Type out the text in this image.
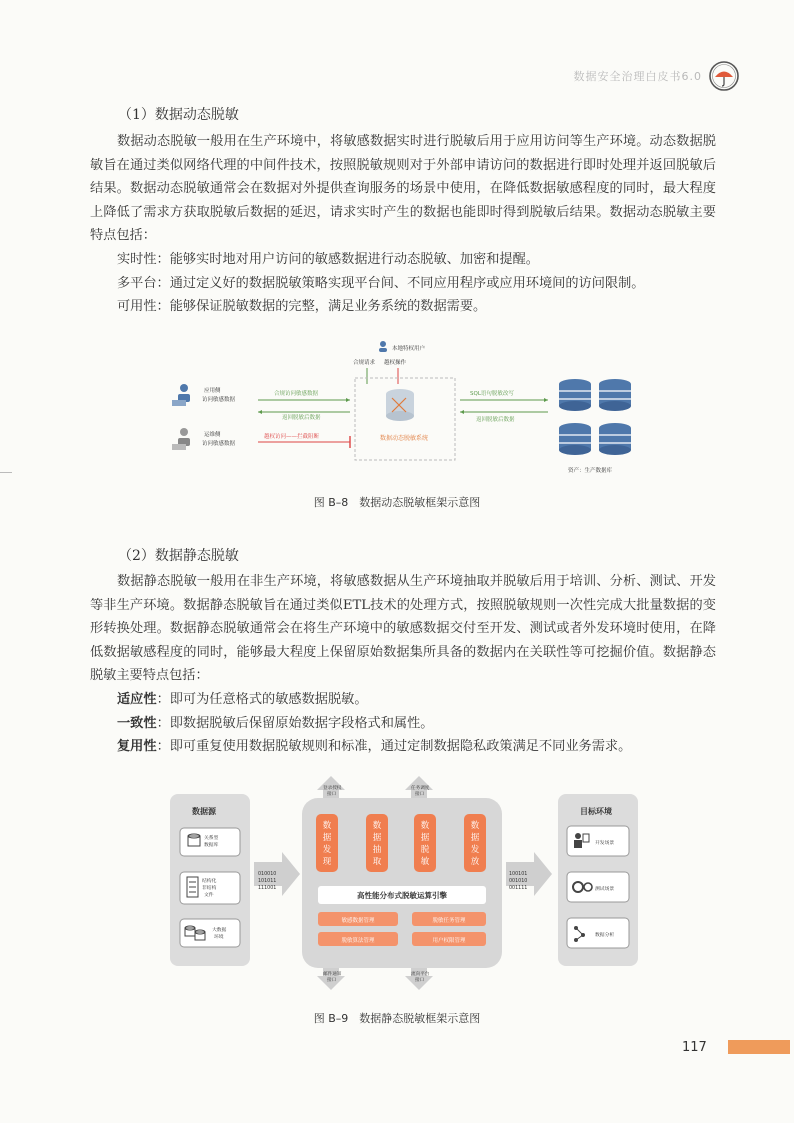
数据安全治理白皮书6.0
（1）数据动态脱敏

数据动态脱敏一般用在生产环境中，将敏感数据实时进行脱敏后用于应用访问等生产环境。动态数据脱敏旨在通过类似网络代理的中间件技术，按照脱敏规则对于外部申请访问的数据进行即时处理并返回脱敏后结果。数据动态脱敏通常会在数据对外提供查询服务的场景中使用，在降低数据敏感程度的同时，最大程度上降低了需求方获取脱敏后数据的延迟，请求实时产生的数据也能即时得到脱敏后结果。数据动态脱敏主要特点包括：

实时性：能够实时地对用户访问的敏感数据进行动态脱敏、加密和提醒。

多平台：通过定义好的数据脱敏策略实现平台间、不同应用程序或应用环境间的访问限制。

可用性：能够保证脱敏数据的完整，满足业务系统的数据需要。

本地特权用户
合规请求 越权操作
数据动态脱敏系统
应用侧
访问敏感数据
运维侧
访问敏感数据
合规访问敏感数据
返回脱敏后数据
越权访问——拦截阻断
SQL语句脱敏改写
返回脱敏后数据
资产：生产数据库
图 B–8　数据动态脱敏框架示意图
（2）数据静态脱敏

数据静态脱敏一般用在非生产环境，将敏感数据从生产环境抽取并脱敏后用于培训、分析、测试、开发等非生产环境。数据静态脱敏旨在通过类似ETL技术的处理方式，按照脱敏规则一次性完成大批量数据的变形转换处理。数据静态脱敏通常会在将生产环境中的敏感数据交付至开发、测试或者外发环境时使用，在降低数据敏感程度的同时，能够最大程度上保留原始数据集所具备的数据内在关联性等可挖掘价值。数据静态脱敏主要特点包括：

适应性：即可为任意格式的敏感数据脱敏。

一致性：即数据脱敏后保留原始数据字段格式和属性。

复用性：即可重复使用数据脱敏规则和标准，通过定制数据隐私政策满足不同业务需求。

数据源
关系型
数据库
结构化
非结构
文件
大数据
环境
010010
101011
111001
登录授权
接口
任务调度
接口
数据发现
数据抽取
数据脱敏
数据发放
高性能分布式脱敏运算引擎
敏感数据管理	脱敏任务管理
脱敏算法管理	用户权限管理
邮件通知
接口
流向平台
接口
100101
001010
001111
目标环境
开发场景
测试场景
数据分析
图 B–9　数据静态脱敏框架示意图
117
